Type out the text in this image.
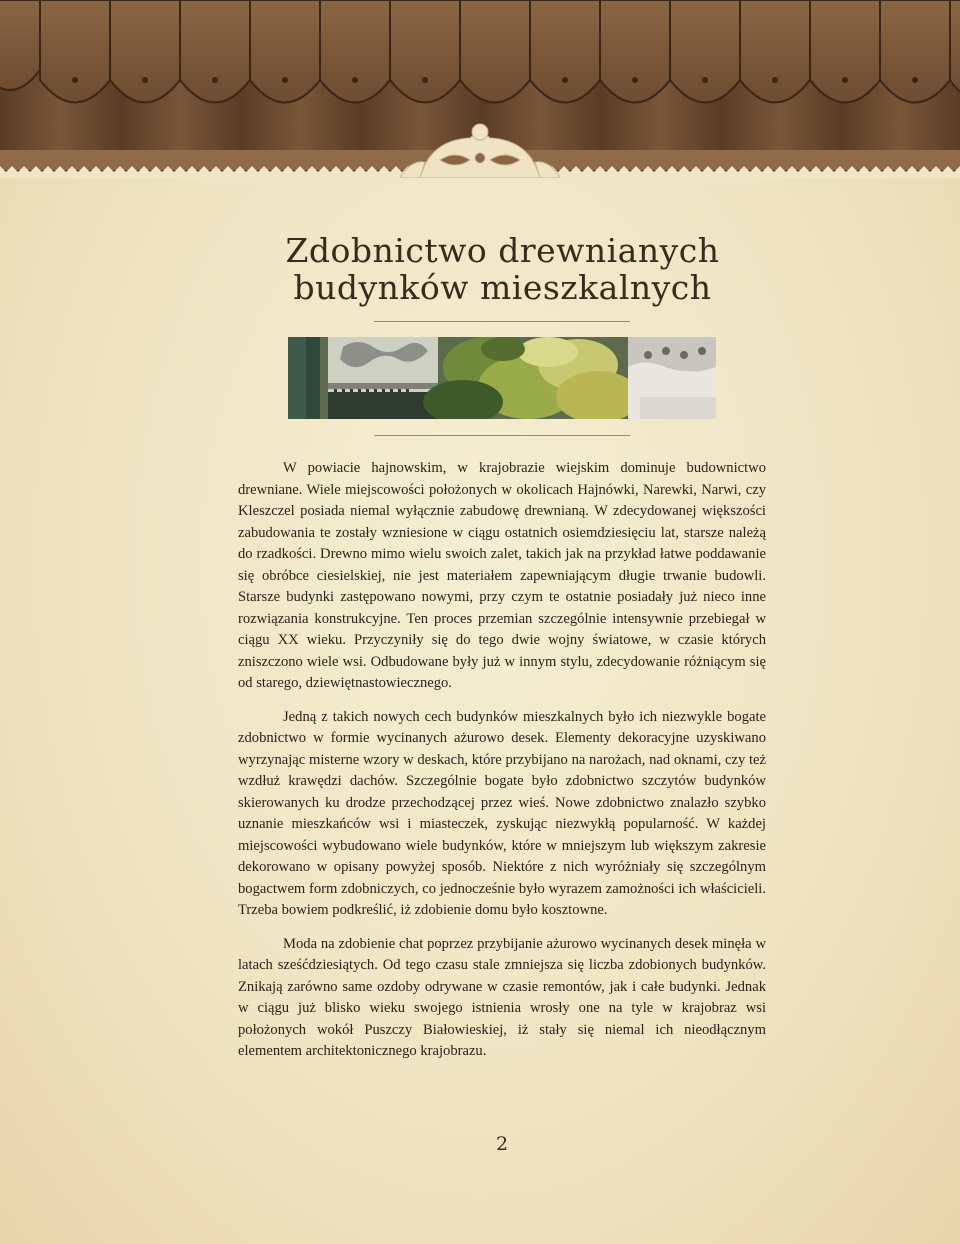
Zdobnictwo drewnianych budynków mieszkalnych

W powiacie hajnowskim, w krajobrazie wiejskim dominuje budownictwo drewniane. Wiele miejscowości położonych w okolicach Hajnówki, Narewki, Narwi, czy Kleszczel posiada niemal wyłącznie zabudowę drewnianą. W zdecydowanej większości zabudowania te zostały wzniesione w ciągu ostatnich osiemdziesięciu lat, starsze należą do rzadkości. Drewno mimo wielu swoich zalet, takich jak na przykład łatwe poddawanie się obróbce ciesielskiej, nie jest materiałem zapewniającym długie trwanie budowli. Starsze budynki zastępowano nowymi, przy czym te ostatnie posiadały już nieco inne rozwiązania konstrukcyjne. Ten proces przemian szczególnie intensywnie przebiegał w ciągu XX wieku. Przyczyniły się do tego dwie wojny światowe, w czasie których zniszczono wiele wsi. Odbudowane były już w innym stylu, zdecydowanie różniącym się od starego, dziewiętnastowiecznego.

Jedną z takich nowych cech budynków mieszkalnych było ich niezwykle bogate zdobnictwo w formie wycinanych ażurowo desek. Elementy dekoracyjne uzyskiwano wyrzynając misterne wzory w deskach, które przybijano na narożach, nad oknami, czy też wzdłuż krawędzi dachów. Szczególnie bogate było zdobnictwo szczytów budynków skierowanych ku drodze przechodzącej przez wieś. Nowe zdobnictwo znalazło szybko uznanie mieszkańców wsi i miasteczek, zyskując niezwykłą popularność. W każdej miejscowości wybudowano wiele budynków, które w mniejszym lub większym zakresie dekorowano w opisany powyżej sposób. Niektóre z nich wyróżniały się szczególnym bogactwem form zdobniczych, co jednocześnie było wyrazem zamożności ich właścicieli. Trzeba bowiem podkreślić, iż zdobienie domu było kosztowne.

Moda na zdobienie chat poprzez przybijanie ażurowo wycinanych desek minęła w latach sześćdziesiątych. Od tego czasu stale zmniejsza się liczba zdobionych budynków. Znikają zarówno same ozdoby odrywane w czasie remontów, jak i całe budynki. Jednak w ciągu już blisko wieku swojego istnienia wrosły one na tyle w krajobraz wsi położonych wokół Puszczy Białowieskiej, iż stały się niemal ich nieodłącznym elementem architektonicznego krajobrazu.

2
